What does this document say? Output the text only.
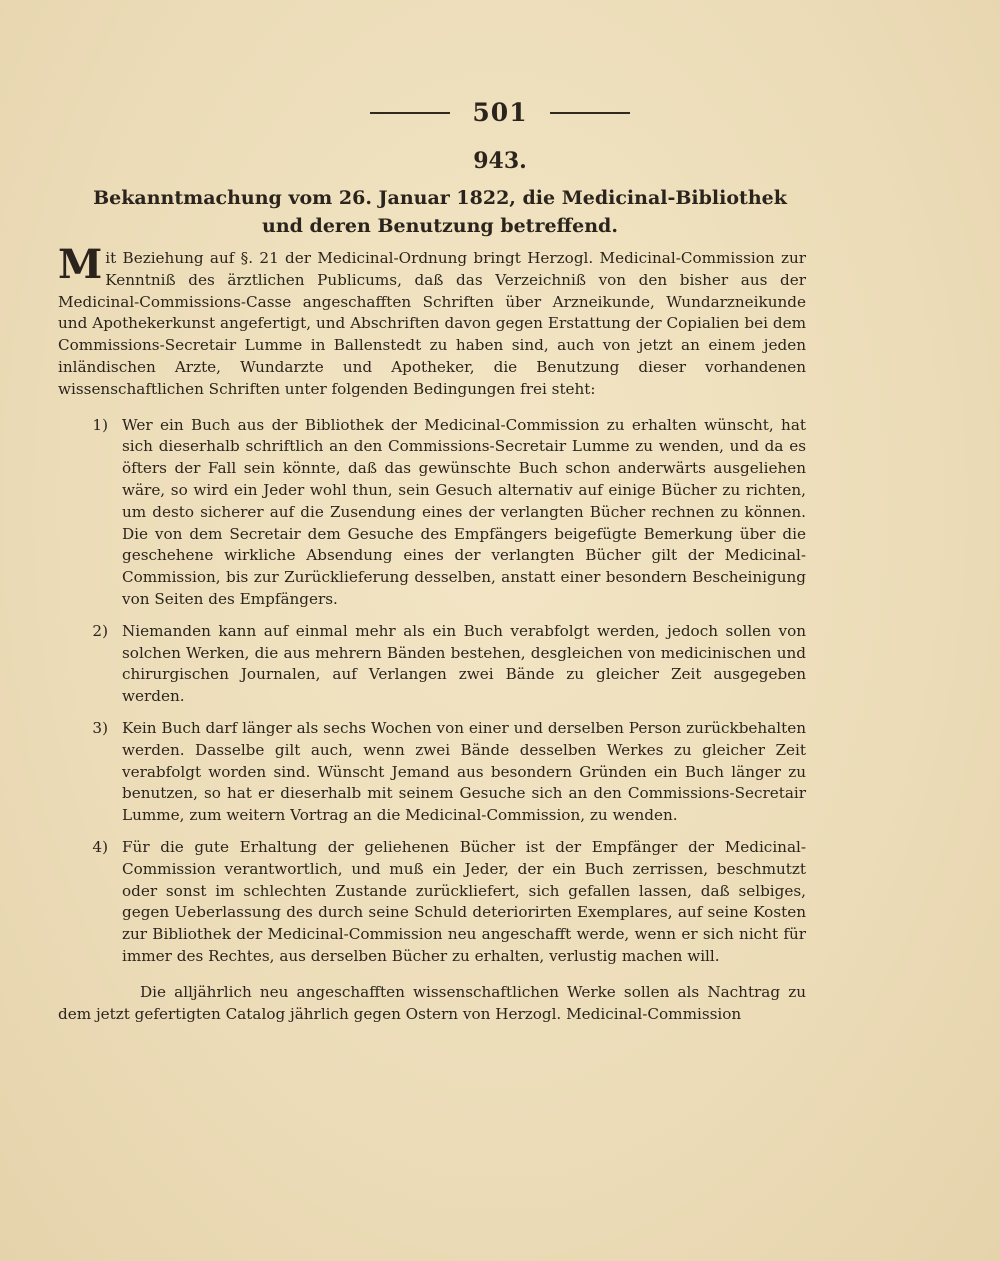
501
943.
Bekanntmachung vom 26. Januar 1822, die Medicinal-Bibliothek und deren Benutzung betreffend.

Mit Beziehung auf §. 21 der Medicinal-Ordnung bringt Herzogl. Medicinal-Commission zur Kenntniß des ärztlichen Publicums, daß das Verzeichniß von den bisher aus der Medicinal-Commissions-Casse angeschafften Schriften über Arzneikunde, Wundarzneikunde und Apothekerkunst angefertigt, und Abschriften davon gegen Erstattung der Copialien bei dem Commissions-Secretair Lumme in Ballenstedt zu haben sind, auch von jetzt an einem jeden inländischen Arzte, Wundarzte und Apotheker, die Benutzung dieser vorhandenen wissenschaftlichen Schriften unter folgenden Bedingungen frei steht:

1) Wer ein Buch aus der Bibliothek der Medicinal-Commission zu erhalten wünscht, hat sich dieserhalb schriftlich an den Commissions-Secretair Lumme zu wenden, und da es öfters der Fall sein könnte, daß das gewünschte Buch schon anderwärts ausgeliehen wäre, so wird ein Jeder wohl thun, sein Gesuch alternativ auf einige Bücher zu richten, um desto sicherer auf die Zusendung eines der verlangten Bücher rechnen zu können. Die von dem Secretair dem Gesuche des Empfängers beigefügte Bemerkung über die geschehene wirkliche Absendung eines der verlangten Bücher gilt der Medicinal-Commission, bis zur Zurücklieferung desselben, anstatt einer besondern Bescheinigung von Seiten des Empfängers.
2) Niemanden kann auf einmal mehr als ein Buch verabfolgt werden, jedoch sollen von solchen Werken, die aus mehrern Bänden bestehen, desgleichen von medicinischen und chirurgischen Journalen, auf Verlangen zwei Bände zu gleicher Zeit ausgegeben werden.
3) Kein Buch darf länger als sechs Wochen von einer und derselben Person zurückbehalten werden. Dasselbe gilt auch, wenn zwei Bände desselben Werkes zu gleicher Zeit verabfolgt worden sind. Wünscht Jemand aus besondern Gründen ein Buch länger zu benutzen, so hat er dieserhalb mit seinem Gesuche sich an den Commissions-Secretair Lumme, zum weitern Vortrag an die Medicinal-Commission, zu wenden.
4) Für die gute Erhaltung der geliehenen Bücher ist der Empfänger der Medicinal-Commission verantwortlich, und muß ein Jeder, der ein Buch zerrissen, beschmutzt oder sonst im schlechten Zustande zurückliefert, sich gefallen lassen, daß selbiges, gegen Ueberlassung des durch seine Schuld deteriorirten Exemplares, auf seine Kosten zur Bibliothek der Medicinal-Commission neu angeschafft werde, wenn er sich nicht für immer des Rechtes, aus derselben Bücher zu erhalten, verlustig machen will.

Die alljährlich neu angeschafften wissenschaftlichen Werke sollen als Nachtrag zu dem jetzt gefertigten Catalog jährlich gegen Ostern von Herzogl. Medicinal-Commission
